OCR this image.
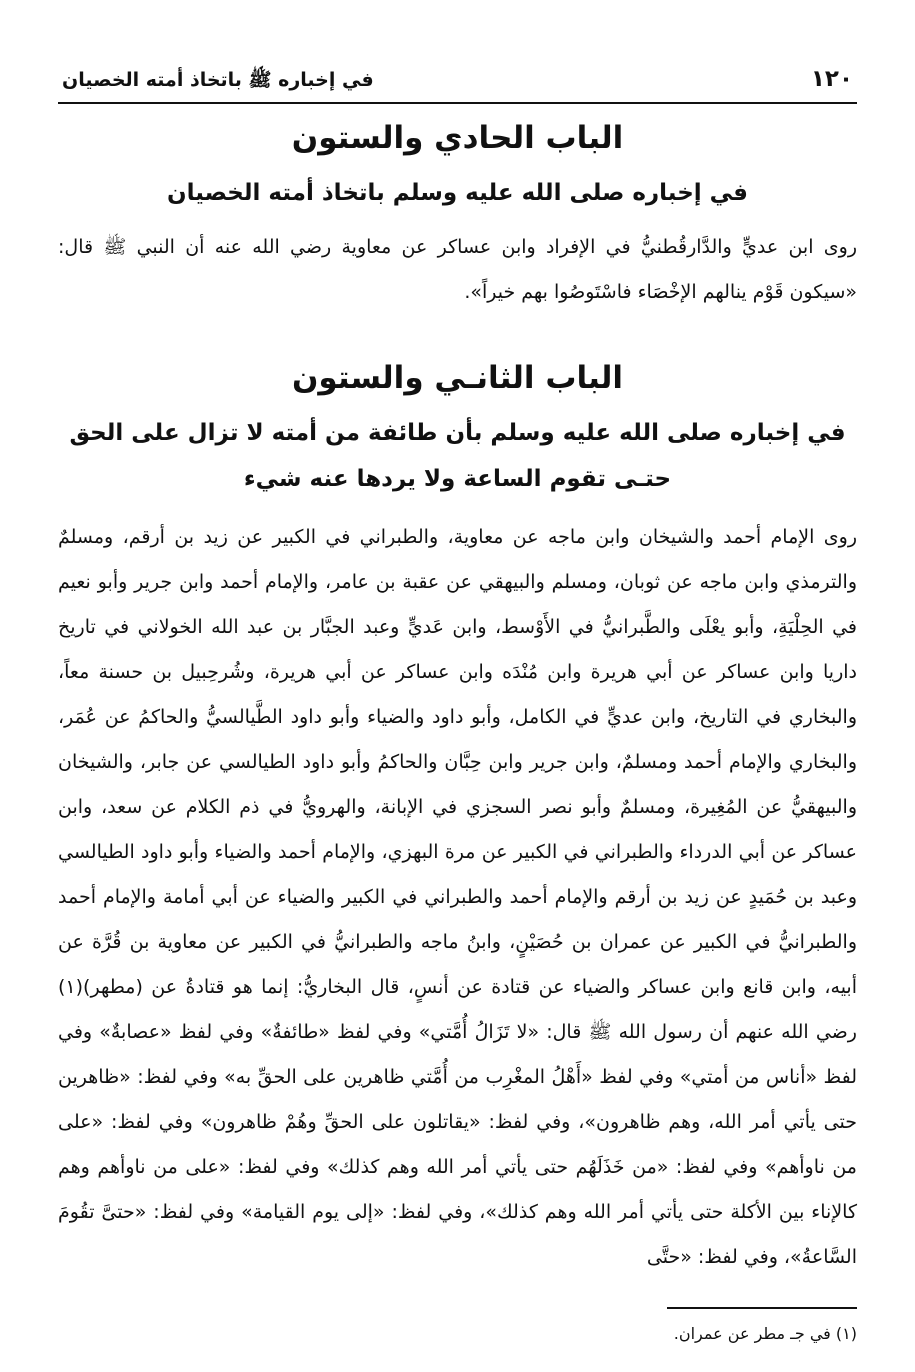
١٢٠
في إخباره ﷺ باتخاذ أمته الخصيان
الباب الحادي والستون
في إخباره صلى الله عليه وسلم باتخاذ أمته الخصيان
روى ابن عديٍّ والدَّارقُطنيُّ في الإفراد وابن عساكر عن معاوية رضي الله عنه أن النبي ﷺ قال: «سيكون قَوْم ينالهم الإخْصَاء فاسْتَوصُوا بهم خيراً».
الباب الثانـي والستون
في إخباره صلى الله عليه وسلم بأن طائفة من أمته لا تزال على الحق
حتـى تقوم الساعة ولا يردها عنه شيء
روى الإمام أحمد والشيخان وابن ماجه عن معاوية، والطبراني في الكبير عن زيد بن أرقم، ومسلمٌ والترمذي وابن ماجه عن ثوبان، ومسلم والبيهقي عن عقبة بن عامر، والإمام أحمد وابن جرير وأبو نعيم في الحِلْيَةِ، وأبو يعْلَى والطَّبرانيُّ في الأَوْسط، وابن عَديٍّ وعبد الجبَّار بن عبد الله الخولاني في تاريخ داريا وابن عساكر عن أبي هريرة وابن مُنْدَه وابن عساكر عن أبي هريرة، وشُرحِبيل بن حسنة معاً، والبخاري في التاريخ، وابن عديٍّ في الكامل، وأبو داود والضياء وأبو داود الطَّيالسيُّ والحاكمُ عن عُمَر، والبخاري والإمام أحمد ومسلمٌ، وابن جرير وابن حِبَّان والحاكمُ وأبو داود الطيالسي عن جابر، والشيخان والبيهقيُّ عن المُغِيرة، ومسلمٌ وأبو نصر السجزي في الإبانة، والهرويُّ في ذم الكلام عن سعد، وابن عساكر عن أبي الدرداء والطبراني في الكبير عن مرة البهزي، والإمام أحمد والضياء وأبو داود الطيالسي وعبد بن حُمَيدٍ عن زيد بن أرقم والإمام أحمد والطبراني في الكبير والضياء عن أبي أمامة والإمام أحمد والطبرانيُّ في الكبير عن عمران بن حُصَيْنٍ، وابنُ ماجه والطبرانيُّ في الكبير عن معاوية بن قُرَّة عن أبيه، وابن قانع وابن عساكر والضياء عن قتادة عن أنسٍ، قال البخاريُّ: إنما هو قتادةُ عن (مطهر)(١) رضي الله عنهم أن رسول الله ﷺ قال: «لا تَزَالُ أُمَّتي» وفي لفظ «طائفةٌ» وفي لفظ «عصابةٌ» وفي لفظ «أناس من أمتي» وفي لفظ «أَهْلُ المغْرِب من أُمَّتي ظاهرين على الحقِّ به» وفي لفظ: «ظاهرين حتى يأتي أمر الله، وهم ظاهرون»، وفي لفظ: «يقاتلون على الحقِّ وهُمْ ظاهرون» وفي لفظ: «على من ناوأهم» وفي لفظ: «من خَذَلَهُم حتى يأتي أمر الله وهم كذلك» وفي لفظ: «على من ناوأهم وهم كالإناء بين الأكلة حتى يأتي أمر الله وهم كذلك»، وفي لفظ: «إلى يوم القيامة» وفي لفظ: «حتىَّ تقُومَ السَّاعةُ»، وفي لفظ: «حتَّى
(١) في جـ مطر عن عمران.
